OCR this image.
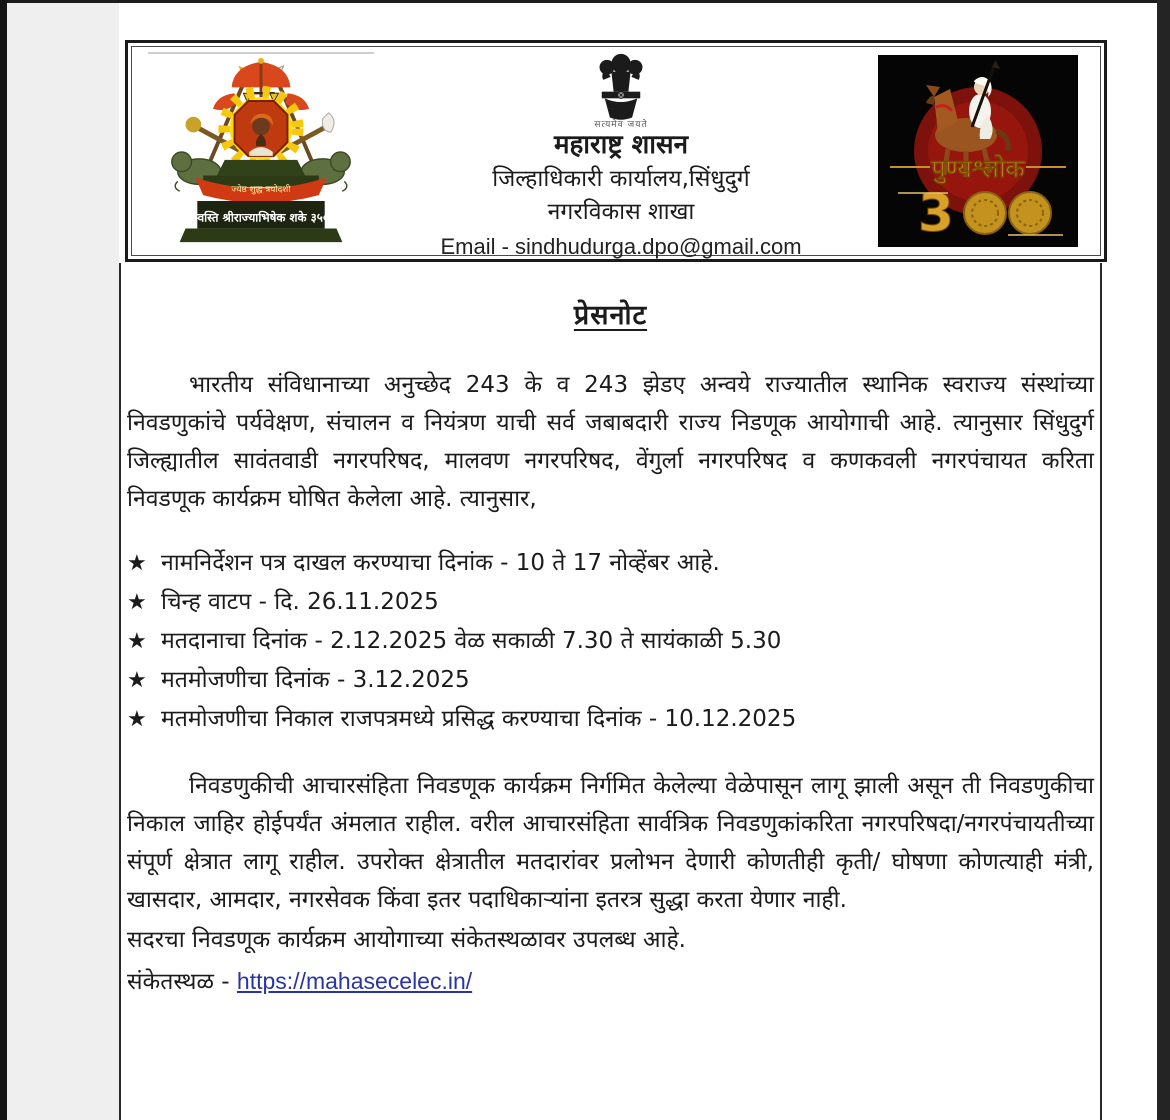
ज्येष्ठ शुद्ध त्रयोदशी
स्वस्ति श्रीराज्याभिषेक शके ३५०
सत्यमेव जयते
महाराष्ट्र शासन
जिल्हाधिकारी कार्यालय,सिंधुदुर्ग
नगरविकास शाखा
Email - sindhudurga.dpo@gmail.com
पुण्यश्लोक
3
प्रेसनोट
भारतीय संविधानाच्या अनुच्छेद 243 के व 243 झेडए अन्वये राज्यातील स्थानिक स्वराज्य संस्थांच्या निवडणुकांचे पर्यवेक्षण, संचालन व नियंत्रण याची सर्व जबाबदारी राज्य निडणूक आयोगाची आहे. त्यानुसार सिंधुदुर्ग जिल्ह्यातील सावंतवाडी नगरपरिषद, मालवण नगरपरिषद, वेंगुर्ला नगरपरिषद व कणकवली नगरपंचायत करिता निवडणूक कार्यक्रम घोषित केलेला आहे. त्यानुसार,
★ नामनिर्देशन पत्र दाखल करण्याचा दिनांक - 10 ते 17 नोव्हेंबर आहे.
★ चिन्ह वाटप - दि. 26.11.2025
★ मतदानाचा दिनांक - 2.12.2025 वेळ सकाळी 7.30 ते सायंकाळी 5.30
★ मतमोजणीचा दिनांक - 3.12.2025
★ मतमोजणीचा निकाल राजपत्रमध्ये प्रसिद्ध करण्याचा दिनांक - 10.12.2025
निवडणुकीची आचारसंहिता निवडणूक कार्यक्रम निर्गमित केलेल्या वेळेपासून लागू झाली असून ती निवडणुकीचा निकाल जाहिर होईपर्यंत अंमलात राहील. वरील आचारसंहिता सार्वत्रिक निवडणुकांकरिता नगरपरिषदा/नगरपंचायतीच्या संपूर्ण क्षेत्रात लागू राहील. उपरोक्त क्षेत्रातील मतदारांवर प्रलोभन देणारी कोणतीही कृती/ घोषणा कोणत्याही मंत्री, खासदार, आमदार, नगरसेवक किंवा इतर पदाधिकाऱ्यांना इतरत्र सुद्धा करता येणार नाही.
सदरचा निवडणूक कार्यक्रम आयोगाच्या संकेतस्थळावर उपलब्ध आहे.
संकेतस्थळ - https://mahasecelec.in/
